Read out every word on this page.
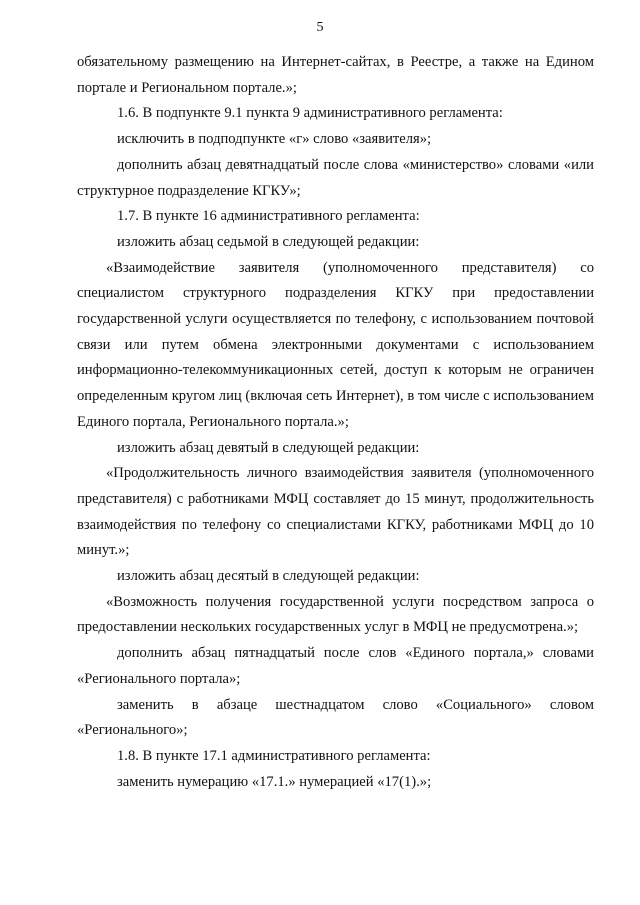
5

обязательному размещению на Интернет-сайтах, в Реестре, а также на Едином портале и Региональном портале.»;

1.6. В подпункте 9.1 пункта 9 административного регламента:

исключить в подподпункте «г» слово «заявителя»;

дополнить абзац девятнадцатый после слова «министерство» словами «или структурное подразделение КГКУ»;

1.7. В пункте 16 административного регламента:

изложить абзац седьмой в следующей редакции:

«Взаимодействие заявителя (уполномоченного представителя) со специалистом структурного подразделения КГКУ при предоставлении государственной услуги осуществляется по телефону, с использованием почтовой связи или путем обмена электронными документами с использованием информационно-телекоммуникационных сетей, доступ к которым не ограничен определенным кругом лиц (включая сеть Интернет), в том числе с использованием Единого портала, Регионального портала.»;

изложить абзац девятый в следующей редакции:

«Продолжительность личного взаимодействия заявителя (уполномоченного представителя) с работниками МФЦ составляет до 15 минут, продолжительность взаимодействия по телефону со специалистами КГКУ, работниками МФЦ до 10 минут.»;

изложить абзац десятый в следующей редакции:

«Возможность получения государственной услуги посредством запроса о предоставлении нескольких государственных услуг в МФЦ не предусмотрена.»;

дополнить абзац пятнадцатый после слов «Единого портала,» словами «Регионального портала»;

заменить в абзаце шестнадцатом слово «Социального» словом «Регионального»;

1.8. В пункте 17.1 административного регламента:

заменить нумерацию «17.1.» нумерацией «17(1).»;
